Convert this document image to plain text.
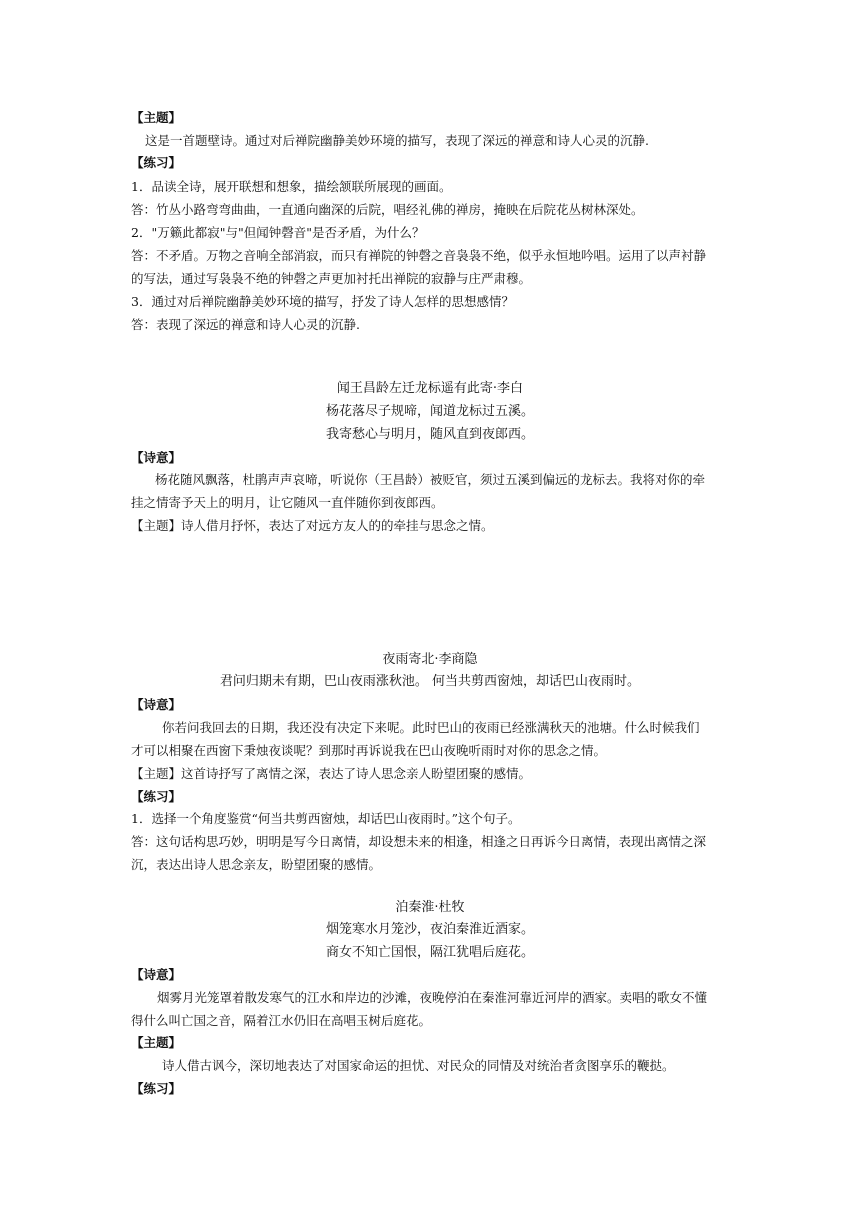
【主题】
这是一首题壁诗。通过对后禅院幽静美妙环境的描写，表现了深远的禅意和诗人心灵的沉静.
【练习】
1．品读全诗，展开联想和想象，描绘颔联所展现的画面。
答：竹丛小路弯弯曲曲，一直通向幽深的后院，唱经礼佛的禅房，掩映在后院花丛树林深处。
2．"万籁此都寂"与"但闻钟磬音"是否矛盾，为什么？
答：不矛盾。万物之音响全部消寂，而只有禅院的钟磬之音袅袅不绝，似乎永恒地吟唱。运用了以声衬静
的写法，通过写袅袅不绝的钟磬之声更加衬托出禅院的寂静与庄严肃穆。
3．通过对后禅院幽静美妙环境的描写，抒发了诗人怎样的思想感情？
答：表现了深远的禅意和诗人心灵的沉静.
闻王昌龄左迁龙标遥有此寄·李白
杨花落尽子规啼，闻道龙标过五溪。
我寄愁心与明月，随风直到夜郎西。
【诗意】
杨花随风飘落，杜鹃声声哀啼，听说你（王昌龄）被贬官，须过五溪到偏远的龙标去。我将对你的牵
挂之情寄予天上的明月，让它随风一直伴随你到夜郎西。
【主题】诗人借月抒怀，表达了对远方友人的的牵挂与思念之情。
夜雨寄北·李商隐
君问归期未有期，巴山夜雨涨秋池。 何当共剪西窗烛，却话巴山夜雨时。
【诗意】
你若问我回去的日期，我还没有决定下来呢。此时巴山的夜雨已经涨满秋天的池塘。什么时候我们
才可以相聚在西窗下秉烛夜谈呢？到那时再诉说我在巴山夜晚听雨时对你的思念之情。
【主题】这首诗抒写了离情之深，表达了诗人思念亲人盼望团聚的感情。
【练习】
1．选择一个角度鉴赏“何当共剪西窗烛，却话巴山夜雨时。”这个句子。
答：这句话构思巧妙，明明是写今日离情，却设想未来的相逢，相逢之日再诉今日离情，表现出离情之深
沉，表达出诗人思念亲友，盼望团聚的感情。
泊秦淮·杜牧
烟笼寒水月笼沙，夜泊秦淮近酒家。
商女不知亡国恨，隔江犹唱后庭花。
【诗意】
烟雾月光笼罩着散发寒气的江水和岸边的沙滩，夜晚停泊在秦淮河靠近河岸的酒家。卖唱的歌女不懂
得什么叫亡国之音，隔着江水仍旧在高唱玉树后庭花。
【主题】
诗人借古讽今，深切地表达了对国家命运的担忧、对民众的同情及对统治者贪图享乐的鞭挞。
【练习】
